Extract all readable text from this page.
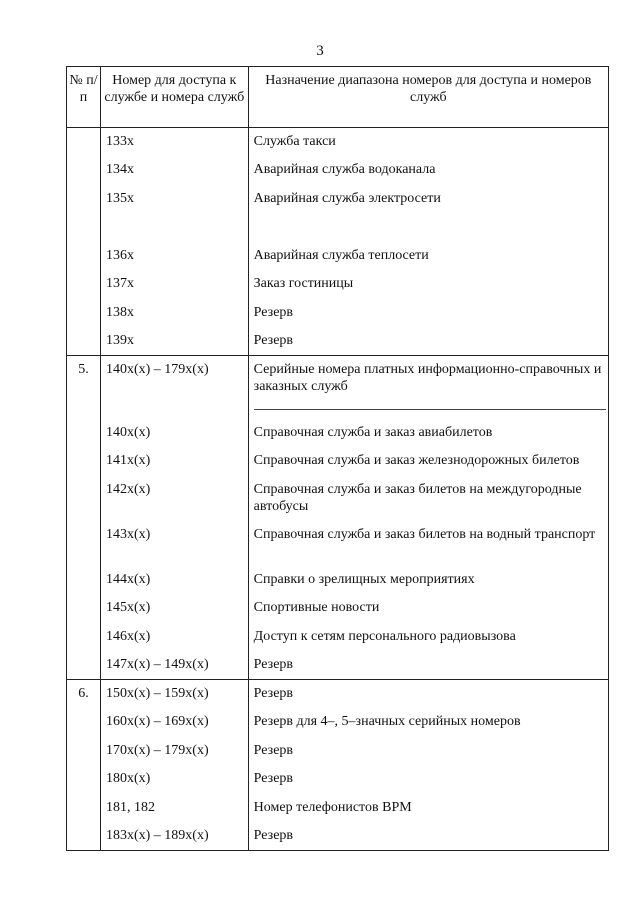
3
№ п/п	Номер для доступа к службе и номера служб	Назначение диапазона номеров для доступа и номеров служб
	133x	Служба такси
	134x	Аварийная служба водоканала
	135x	Аварийная служба электросети
	136x	Аварийная служба теплосети
	137x	Заказ гостиницы
	138x	Резерв
	139x	Резерв
5.	140x(x) – 179x(x)	Серийные номера платных информационно-справочных и заказных служб

	140x(x)	Справочная служба и заказ авиабилетов
	141x(x)	Справочная служба и заказ железнодорожных билетов
	142x(x)	Справочная служба и заказ билетов на междугородные автобусы
	143x(x)	Справочная служба и заказ билетов на водный транспорт
	144x(x)	Справки о зрелищных мероприятиях
	145x(x)	Спортивные новости
	146x(x)	Доступ к сетям персонального радиовызова
	147x(x) – 149x(x)	Резерв
6.	150x(x) – 159x(x)	Резерв
	160x(x) – 169x(x)	Резерв для 4–, 5–значных серийных номеров
	170x(x) – 179x(x)	Резерв
	180x(x)	Резерв
	181, 182	Номер телефонистов ВРМ
	183x(x) – 189x(x)	Резерв
